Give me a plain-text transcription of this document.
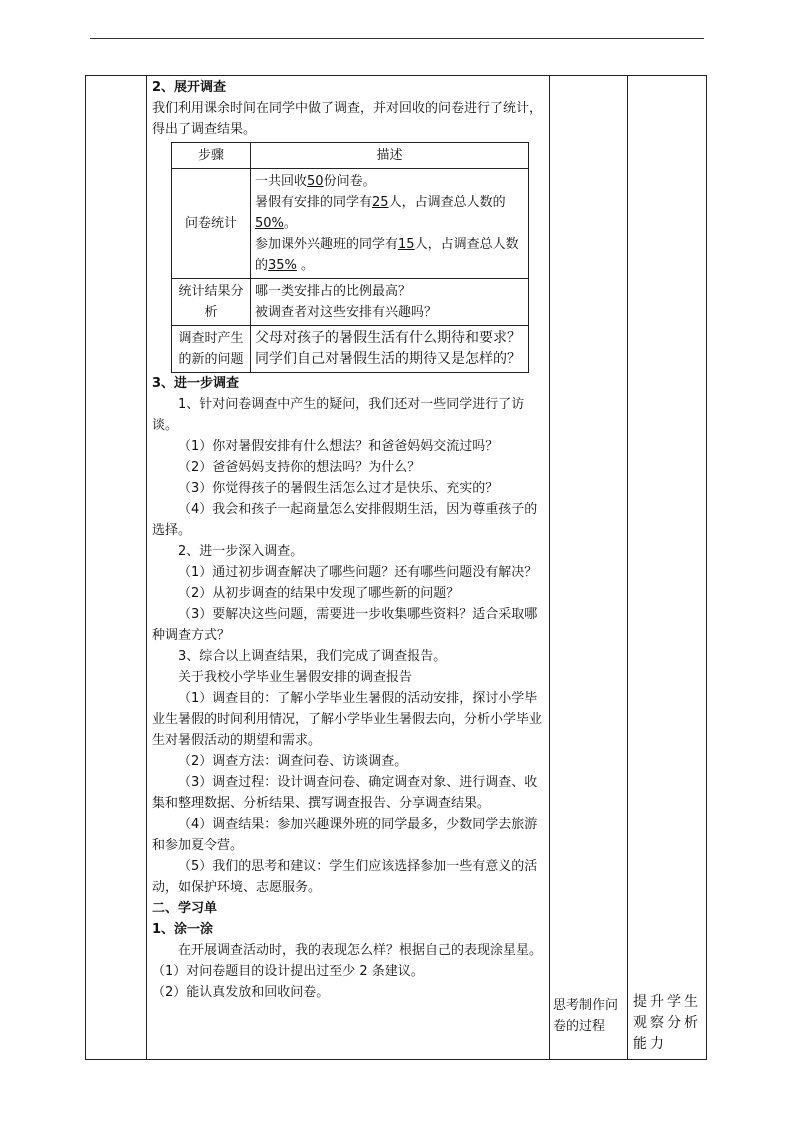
2、展开调查

我们利用课余时间在同学中做了调查，并对回收的问卷进行了统计，得出了调查结果。

步骤	描述
问卷统计	一共回收50份问卷。
暑假有安排的同学有25人，占调查总人数的50%。
参加课外兴趣班的同学有15人，占调查总人数的35% 。

统计结果分析	哪一类安排占的比例最高？
被调查者对这些安排有兴趣吗？

调查时产生的新的问题	父母对孩子的暑假生活有什么期待和要求？
同学们自己对暑假生活的期待又是怎样的？

3、进一步调查

1、针对问卷调查中产生的疑问，我们还对一些同学进行了访谈。

（1）你对暑假安排有什么想法？和爸爸妈妈交流过吗？

（2）爸爸妈妈支持你的想法吗？为什么？

（3）你觉得孩子的暑假生活怎么过才是快乐、充实的？

（4）我会和孩子一起商量怎么安排假期生活，因为尊重孩子的选择。

2、进一步深入调查。

（1）通过初步调查解决了哪些问题？还有哪些问题没有解决？

（2）从初步调查的结果中发现了哪些新的问题？

（3）要解决这些问题，需要进一步收集哪些资料？适合采取哪种调查方式？

3、综合以上调查结果，我们完成了调查报告。

关于我校小学毕业生暑假安排的调查报告

（1）调查目的：了解小学毕业生暑假的活动安排，探讨小学毕业生暑假的时间利用情况，了解小学毕业生暑假去向，分析小学毕业生对暑假活动的期望和需求。

（2）调查方法：调查问卷、访谈调查。

（3）调查过程：设计调查问卷、确定调查对象、进行调查、收集和整理数据、分析结果、撰写调查报告、分享调查结果。

（4）调查结果：参加兴趣课外班的同学最多，少数同学去旅游和参加夏令营。

（5）我们的思考和建议：学生们应该选择参加一些有意义的活动，如保护环境、志愿服务。

二、学习单

1、涂一涂

在开展调查活动时，我的表现怎么样？根据自己的表现涂星星。

（1）对问卷题目的设计提出过至少 2 条建议。

（2）能认真发放和回收问卷。

思考制作问卷的过程
提升学生观察分析能力
